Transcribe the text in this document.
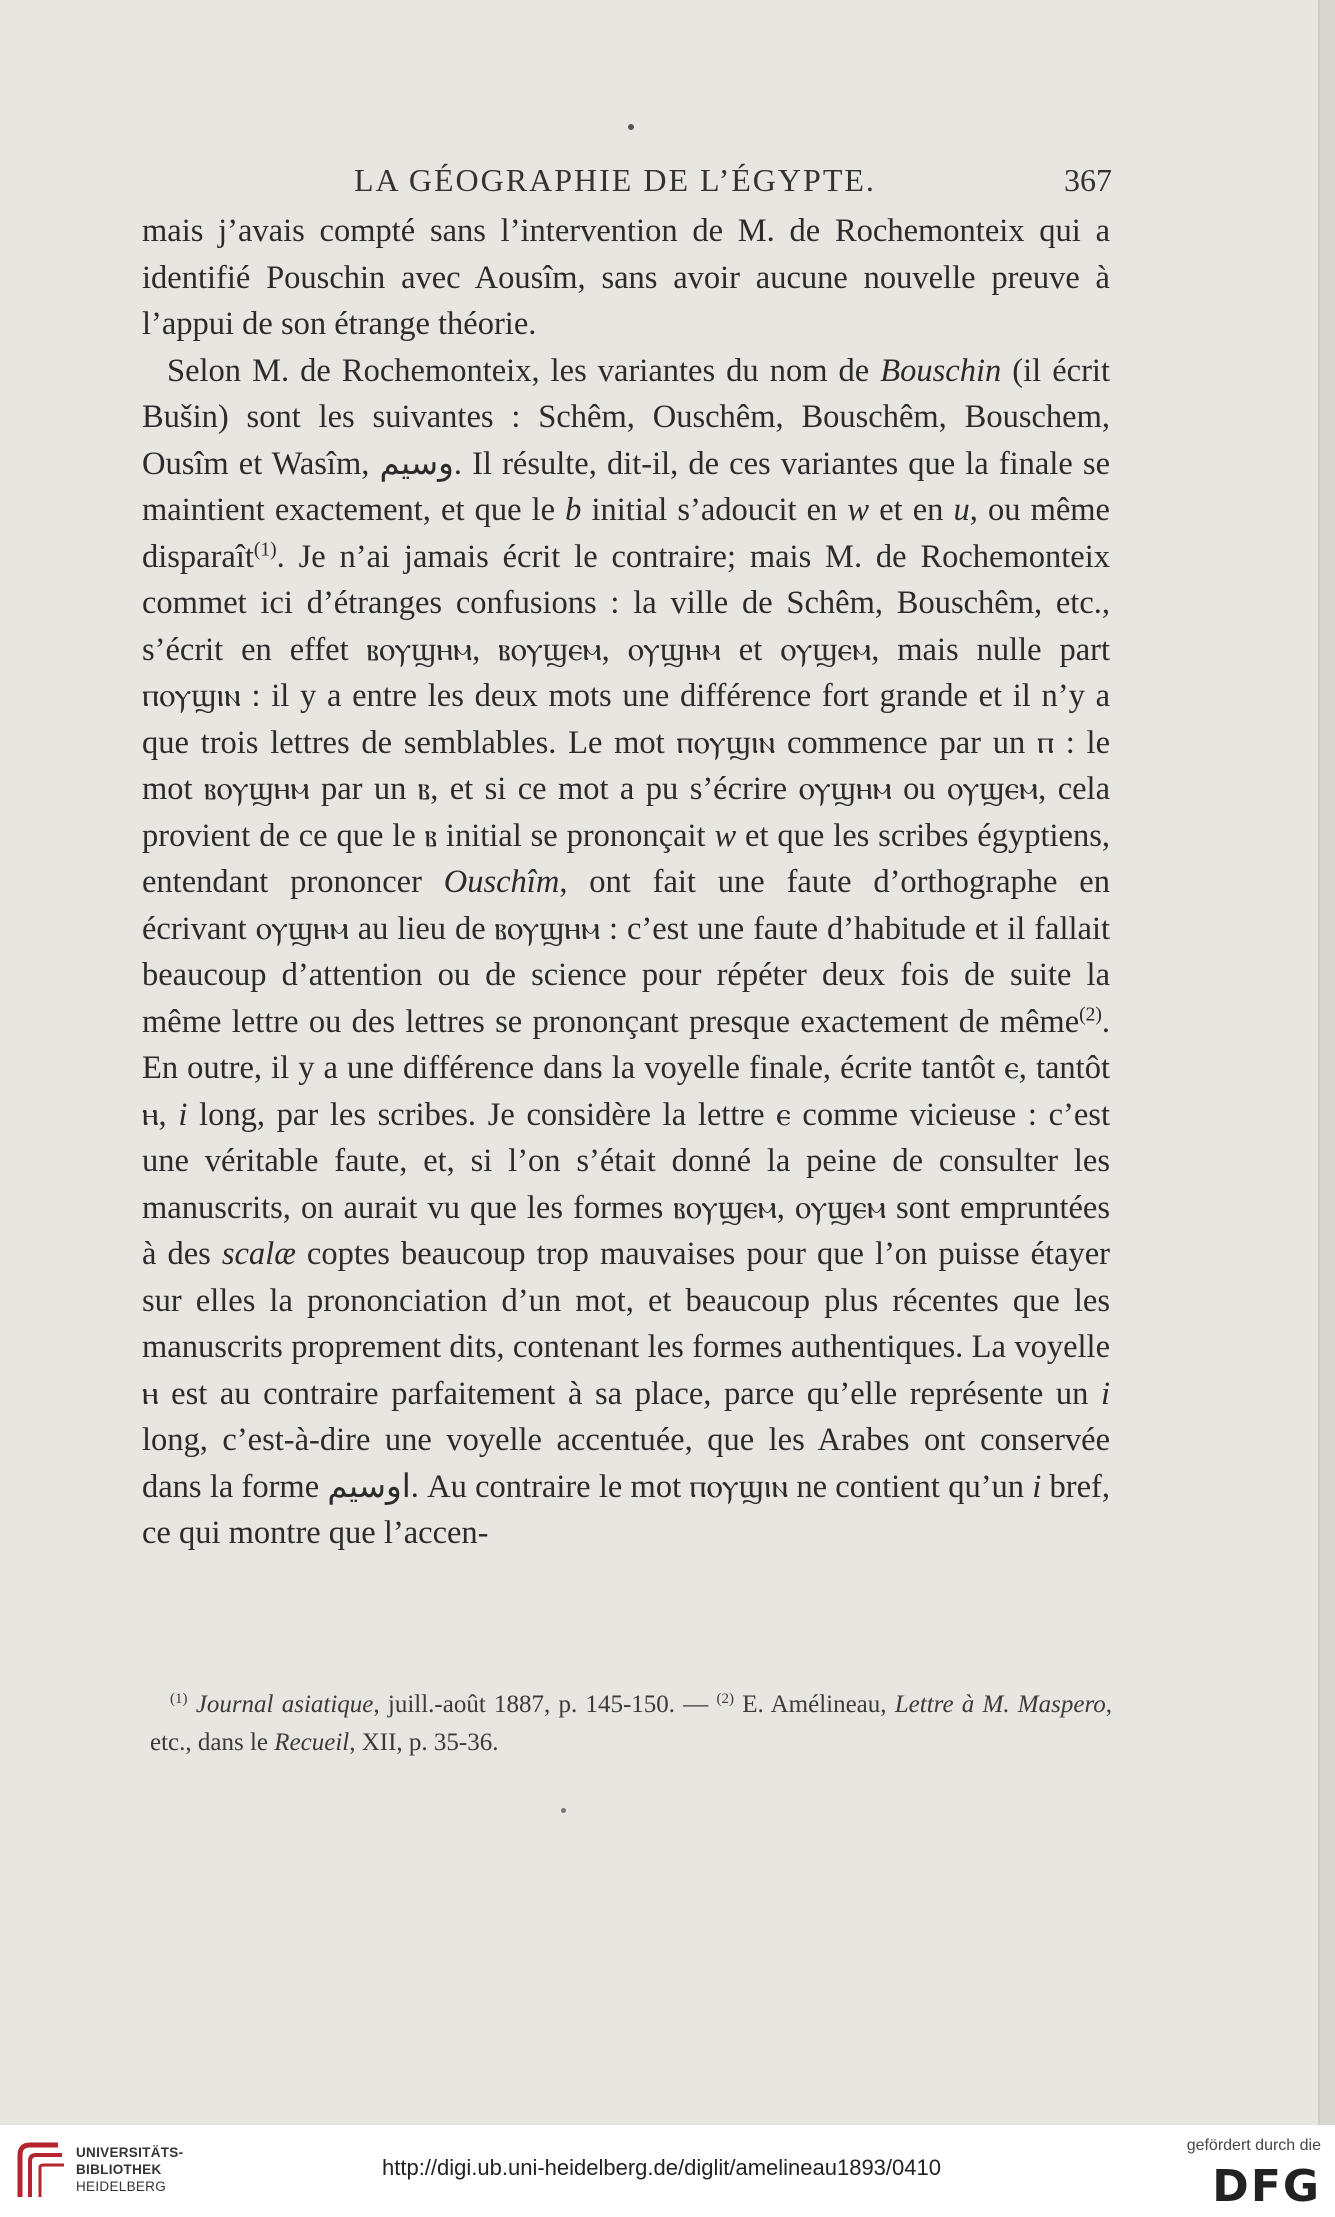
LA GÉOGRAPHIE DE L’ÉGYPTE.	367

mais j’avais compté sans l’intervention de M. de Rochemonteix qui a identifié Pouschin avec Aousîm, sans avoir aucune nouvelle preuve à l’appui de son étrange théorie.

Selon M. de Rochemonteix, les variantes du nom de Bouschin (il écrit Bušin) sont les suivantes : Schêm, Ouschêm, Bouschêm, Bouschem, Ousîm et Wasîm, وسيم. Il résulte, dit-il, de ces variantes que la finale se maintient exactement, et que le b initial s’adoucit en w et en u, ou même disparaît$^{(1)}$. Je n’ai jamais écrit le contraire; mais M. de Rochemonteix commet ici d’étranges confusions : la ville de Schêm, Bouschêm, etc., s’écrit en effet ⲃⲟⲩϣⲏⲙ, ⲃⲟⲩϣⲉⲙ, ⲟⲩϣⲏⲙ et ⲟⲩϣⲉⲙ, mais nulle part ⲡⲟⲩϣⲓⲛ : il y a entre les deux mots une différence fort grande et il n’y a que trois lettres de semblables. Le mot ⲡⲟⲩϣⲓⲛ commence par un ⲡ : le mot ⲃⲟⲩϣⲏⲙ par un ⲃ, et si ce mot a pu s’écrire ⲟⲩϣⲏⲙ ou ⲟⲩϣⲉⲙ, cela provient de ce que le ⲃ initial se prononçait w et que les scribes égyptiens, entendant prononcer Ouschîm, ont fait une faute d’orthographe en écrivant ⲟⲩϣⲏⲙ au lieu de ⲃⲟⲩϣⲏⲙ : c’est une faute d’habitude et il fallait beaucoup d’attention ou de science pour répéter deux fois de suite la même lettre ou des lettres se prononçant presque exactement de même$^{(2)}$. En outre, il y a une différence dans la voyelle finale, écrite tantôt ⲉ, tantôt ⲏ, i long, par les scribes. Je considère la lettre ⲉ comme vicieuse : c’est une véritable faute, et, si l’on s’était donné la peine de consulter les manuscrits, on aurait vu que les formes ⲃⲟⲩϣⲉⲙ, ⲟⲩϣⲉⲙ sont empruntées à des scalæ coptes beaucoup trop mauvaises pour que l’on puisse étayer sur elles la prononciation d’un mot, et beaucoup plus récentes que les manuscrits proprement dits, contenant les formes authentiques. La voyelle ⲏ est au contraire parfaitement à sa place, parce qu’elle représente un i long, c’est-à-dire une voyelle accentuée, que les Arabes ont conservée dans la forme اوسيم. Au contraire le mot ⲡⲟⲩϣⲓⲛ ne contient qu’un i bref, ce qui montre que l’accen-

$^{(1)}$ Journal asiatique, juill.-août 1887, p. 145-150. — $^{(2)}$ E. Amélineau, Lettre à M. Maspero, etc., dans le Recueil, XII, p. 35-36.

UNIVERSITÄTS-
BIBLIOTHEK
HEIDELBERG
http://digi.ub.uni-heidelberg.de/diglit/amelineau1893/0410
gefördert durch die
DFG
